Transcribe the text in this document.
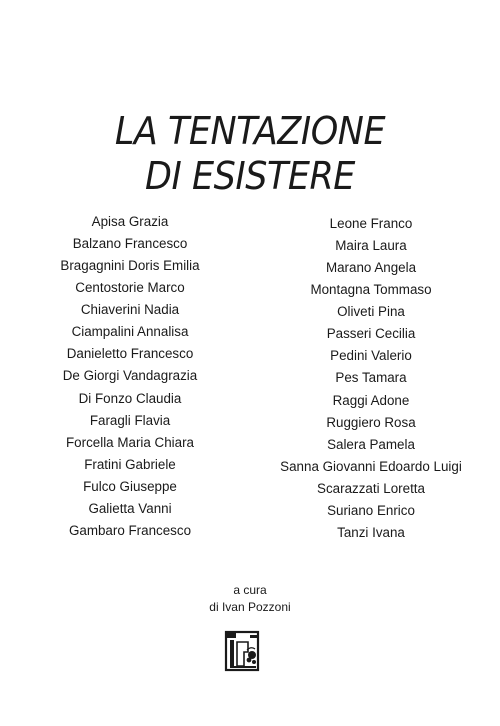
LA TENTAZIONE
DI ESISTERE
Apisa Grazia
Balzano Francesco
Bragagnini Doris Emilia
Centostorie Marco
Chiaverini Nadia
Ciampalini Annalisa
Danieletto Francesco
De Giorgi Vandagrazia
Di Fonzo Claudia
Faragli Flavia
Forcella Maria Chiara
Fratini Gabriele
Fulco Giuseppe
Galietta Vanni
Gambaro Francesco
Leone Franco
Maira Laura
Marano Angela
Montagna Tommaso
Oliveti Pina
Passeri Cecilia
Pedini Valerio
Pes Tamara
Raggi Adone
Ruggiero Rosa
Salera Pamela
Sanna Giovanni Edoardo Luigi
Scarazzati Loretta
Suriano Enrico
Tanzi Ivana
a cura
di Ivan Pozzoni
